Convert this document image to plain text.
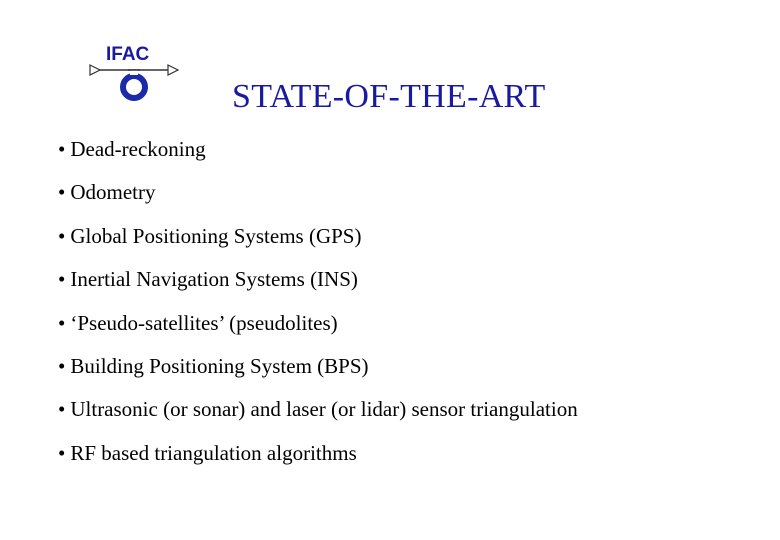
IFAC
STATE-OF-THE-ART
• Dead-reckoning
• Odometry
• Global Positioning Systems (GPS)
• Inertial Navigation Systems (INS)
• ‘Pseudo-satellites’ (pseudolites)
• Building Positioning System (BPS)
• Ultrasonic (or sonar) and laser (or lidar) sensor triangulation
• RF based triangulation algorithms
